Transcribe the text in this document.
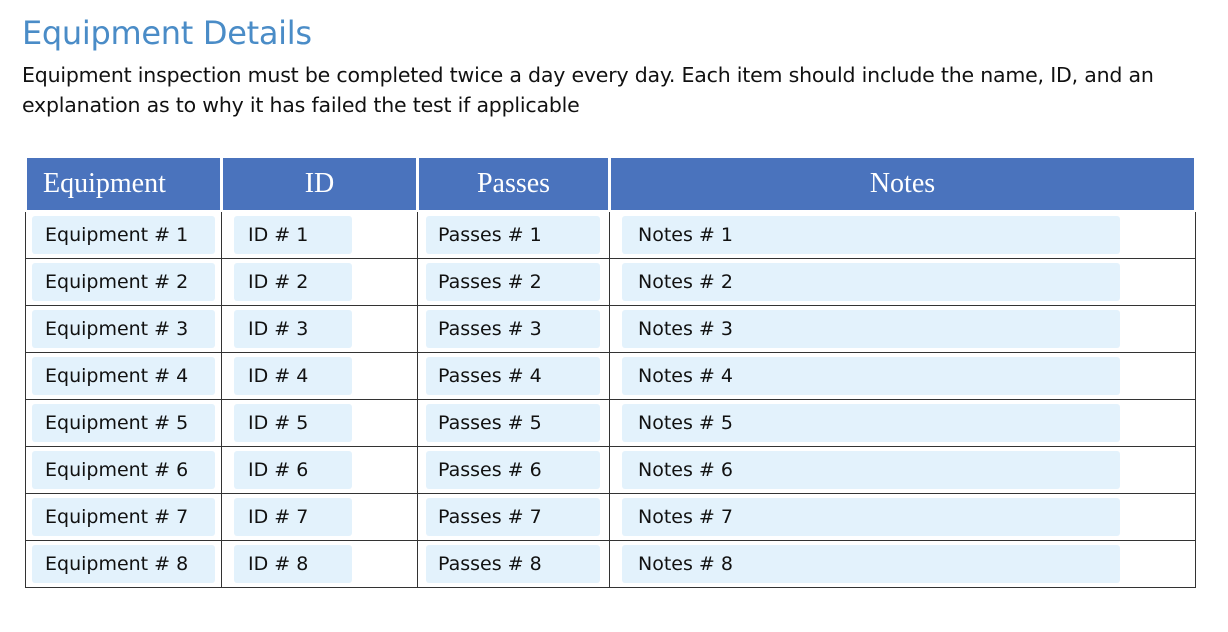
Equipment Details

Equipment inspection must be completed twice a day every day. Each item should include the name, ID, and an explanation as to why it has failed the test if applicable

Equipment	ID	Passes	Notes

Equipment # 1	ID # 1	Passes # 1	Notes # 1

Equipment # 2	ID # 2	Passes # 2	Notes # 2

Equipment # 3	ID # 3	Passes # 3	Notes # 3

Equipment # 4	ID # 4	Passes # 4	Notes # 4

Equipment # 5	ID # 5	Passes # 5	Notes # 5

Equipment # 6	ID # 6	Passes # 6	Notes # 6

Equipment # 7	ID # 7	Passes # 7	Notes # 7

Equipment # 8	ID # 8	Passes # 8	Notes # 8
